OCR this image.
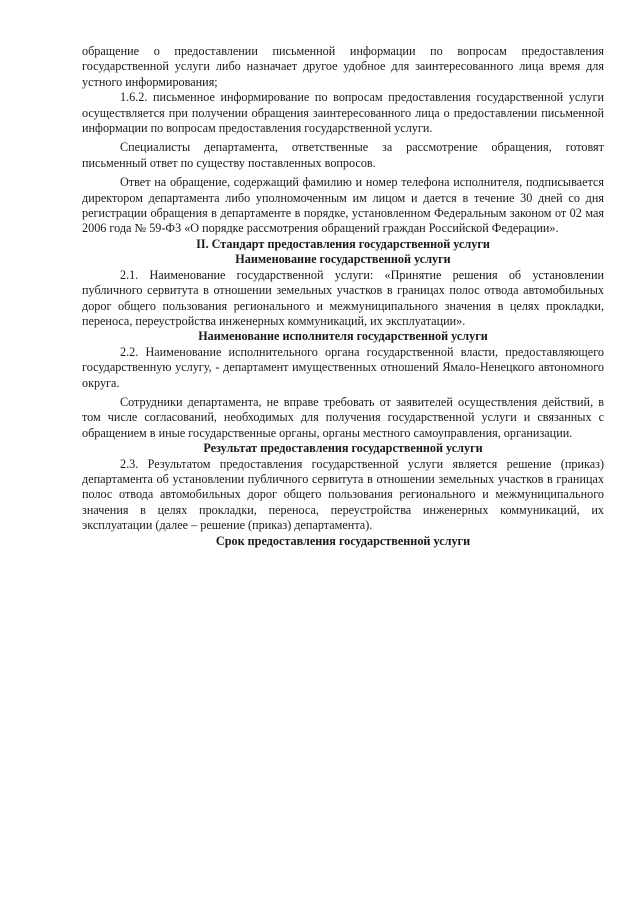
обращение о предоставлении письменной информации по вопросам предоставления государственной услуги либо назначает другое удобное для заинтересованного лица время для устного информирования;

1.6.2. письменное информирование по вопросам предоставления государственной услуги осуществляется при получении обращения заинтересованного лица о предоставлении письменной информации по вопросам предоставления государственной услуги.

Специалисты департамента, ответственные за рассмотрение обращения, готовят письменный ответ по существу поставленных вопросов.

Ответ на обращение, содержащий фамилию и номер телефона исполнителя, подписывается директором департамента либо уполномоченным им лицом и дается в течение 30 дней со дня регистрации обращения в департаменте в порядке, установленном Федеральным законом от 02 мая 2006 года № 59-ФЗ «О порядке рассмотрения обращений граждан Российской Федерации».

II. Стандарт предоставления государственной услуги

Наименование государственной услуги

2.1. Наименование государственной услуги: «Принятие решения об установлении публичного сервитута в отношении земельных участков в границах полос отвода автомобильных дорог общего пользования регионального и межмуниципального значения в целях прокладки, переноса, переустройства инженерных коммуникаций, их эксплуатации».

Наименование исполнителя государственной услуги

2.2. Наименование исполнительного органа государственной власти, предоставляющего государственную услугу, - департамент имущественных отношений Ямало-Ненецкого автономного округа.

Сотрудники департамента, не вправе требовать от заявителей осуществления действий, в том числе согласований, необходимых для получения государственной услуги и связанных с обращением в иные государственные органы, органы местного самоуправления, организации.

Результат предоставления государственной услуги

2.3. Результатом предоставления государственной услуги является решение (приказ) департамента об установлении публичного сервитута в отношении земельных участков в границах полос отвода автомобильных дорог общего пользования регионального и межмуниципального значения в целях прокладки, переноса, переустройства инженерных коммуникаций, их эксплуатации (далее – решение (приказ) департамента).

Срок предоставления государственной услуги
